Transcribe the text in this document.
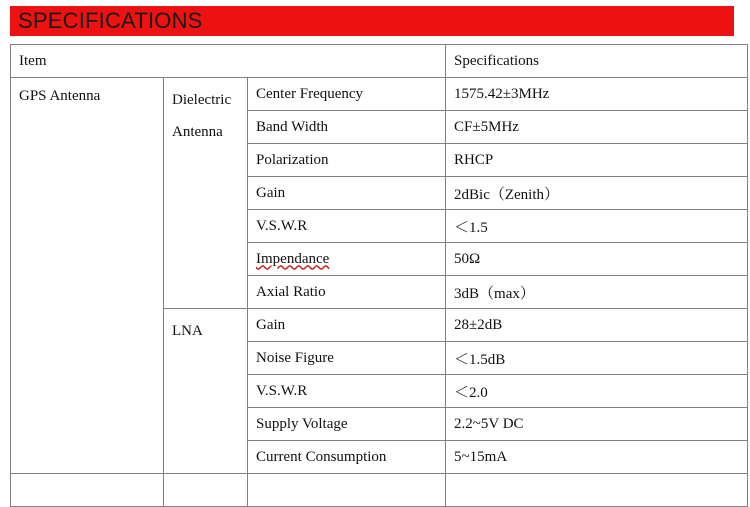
SPECIFICATIONS
Item			Specifications
GPS Antenna	Dielectric Antenna	Center Frequency	1575.42±3MHz
		Band Width	CF±5MHz
		Polarization	RHCP
		Gain	2dBic（Zenith）
		V.S.W.R	＜1.5
		Impendance	50Ω
		Axial Ratio	3dB（max）
	LNA	Gain	28±2dB
		Noise Figure	＜1.5dB
		V.S.W.R	＜2.0
		Supply Voltage	2.2~5V DC
		Current Consumption	5~15mA
